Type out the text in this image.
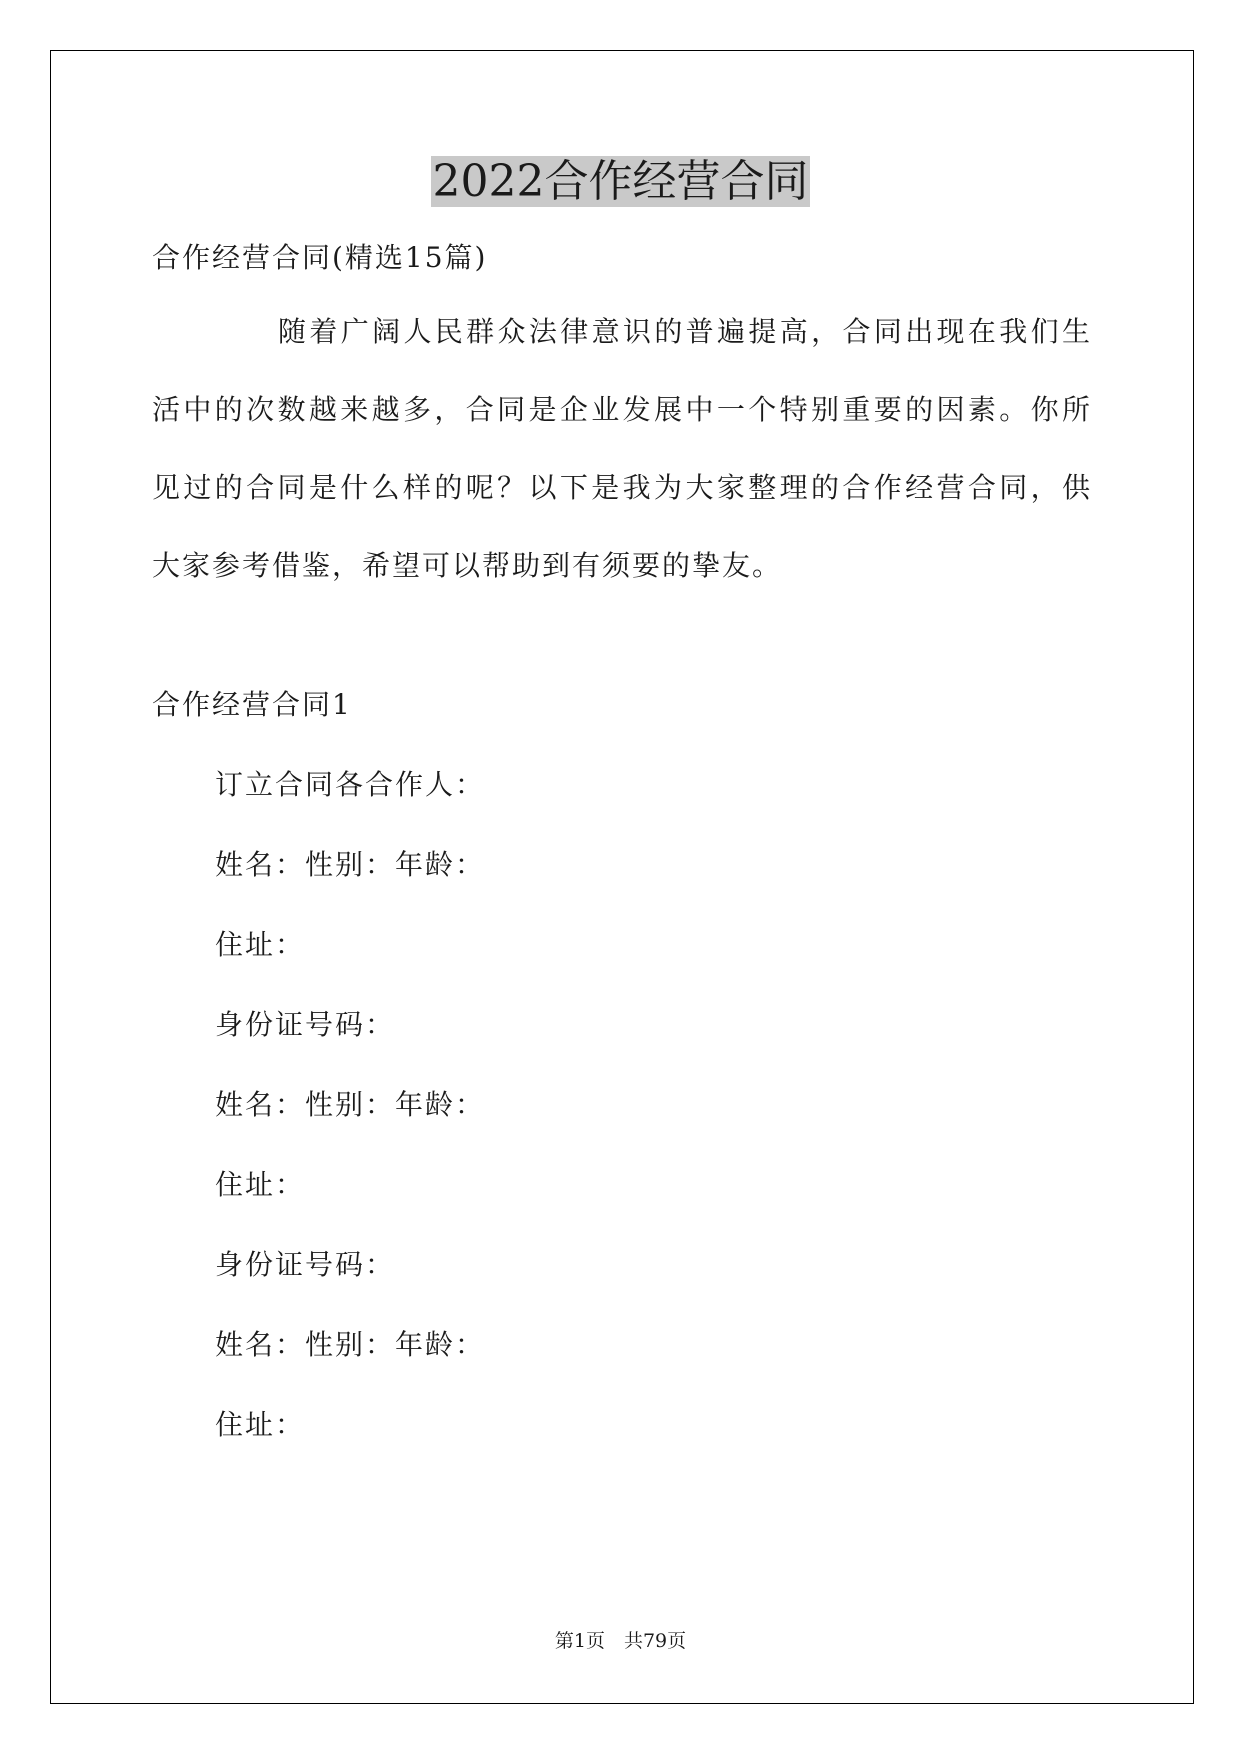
2022合作经营合同
合作经营合同(精选15篇)
随着广阔人民群众法律意识的普遍提高，合同出现在我们生
活中的次数越来越多，合同是企业发展中一个特别重要的因素。你所
见过的合同是什么样的呢？以下是我为大家整理的合作经营合同，供
大家参考借鉴，希望可以帮助到有须要的挚友。
合作经营合同1
订立合同各合作人：
姓名：性别：年龄：
住址：
身份证号码：
姓名：性别：年龄：
住址：
身份证号码：
姓名：性别：年龄：
住址：
第1页　共79页
